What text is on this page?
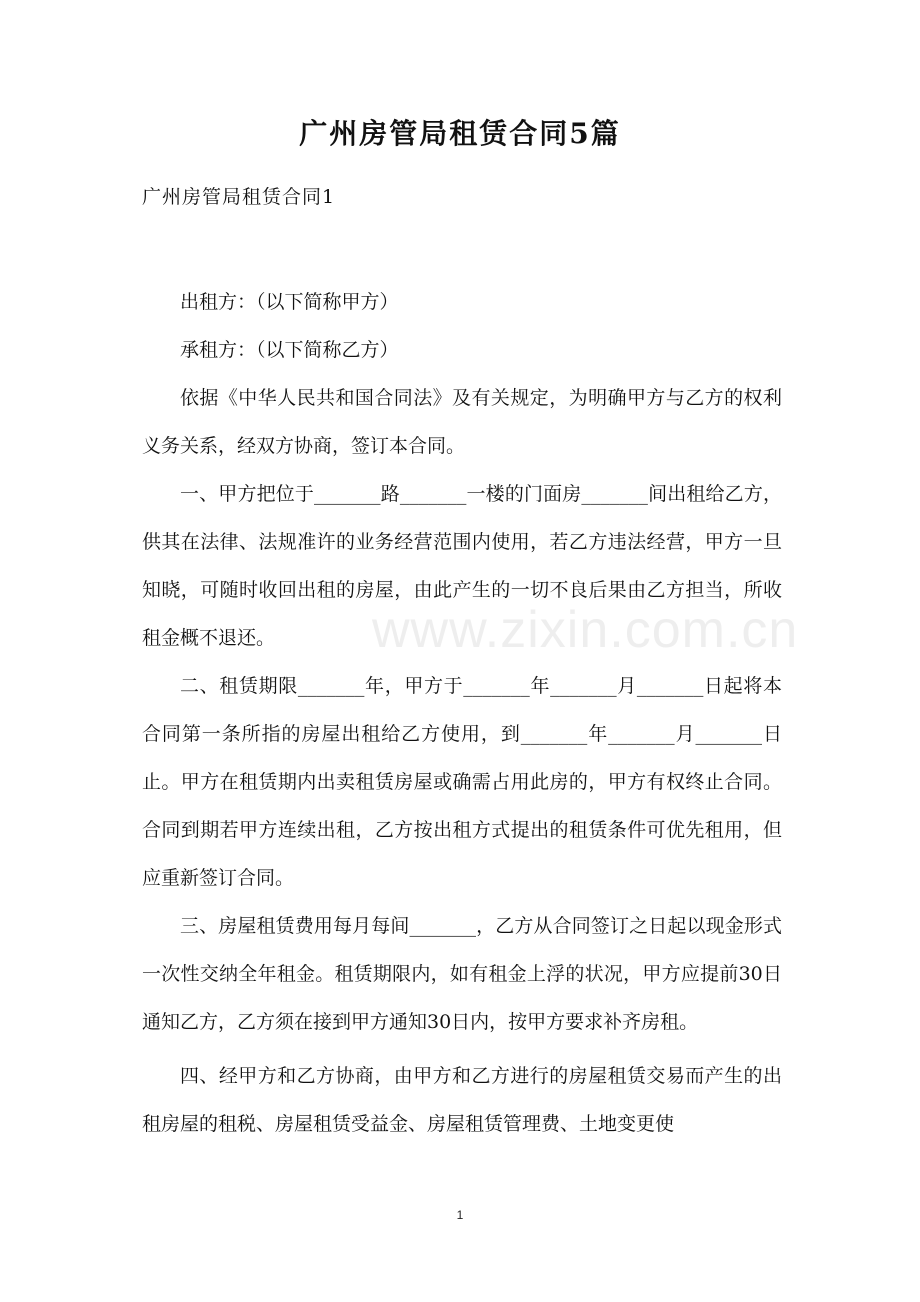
广州房管局租赁合同5篇
广州房管局租赁合同1

出租方：（以下简称甲方）

承租方：（以下简称乙方）

依据《中华人民共和国合同法》及有关规定，为明确甲方与乙方的权利义务关系，经双方协商，签订本合同。

一、甲方把位于_______路_______一楼的门面房_______间出租给乙方，供其在法律、法规准许的业务经营范围内使用，若乙方违法经营，甲方一旦知晓，可随时收回出租的房屋，由此产生的一切不良后果由乙方担当，所收租金概不退还。

二、租赁期限_______年，甲方于_______年_______月_______日起将本合同第一条所指的房屋出租给乙方使用，到_______年_______月_______日止。甲方在租赁期内出卖租赁房屋或确需占用此房的，甲方有权终止合同。合同到期若甲方连续出租，乙方按出租方式提出的租赁条件可优先租用，但应重新签订合同。

三、房屋租赁费用每月每间_______，乙方从合同签订之日起以现金形式一次性交纳全年租金。租赁期限内，如有租金上浮的状况，甲方应提前30日通知乙方，乙方须在接到甲方通知30日内，按甲方要求补齐房租。

四、经甲方和乙方协商，由甲方和乙方进行的房屋租赁交易而产生的出租房屋的租税、房屋租赁受益金、房屋租赁管理费、土地变更使

www.zixin.com.cn
1
